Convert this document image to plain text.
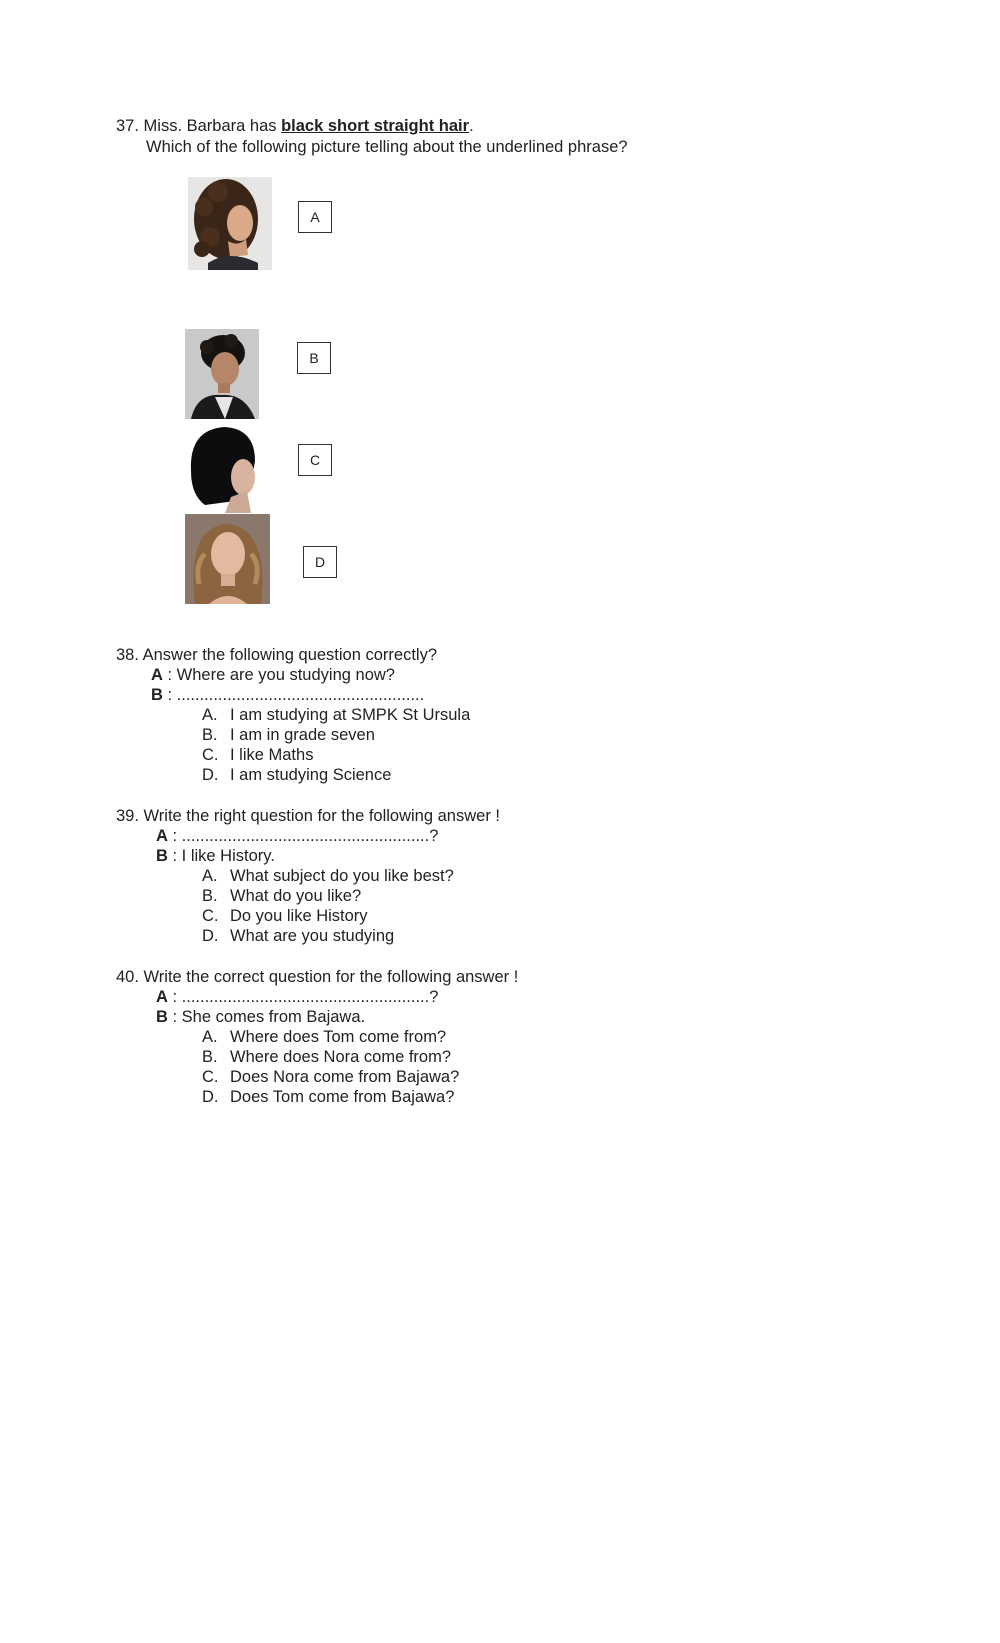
37. Miss. Barbara has black short straight hair.
Which of the following picture telling about the underlined phrase?
A
B
C
D
38. Answer the following question correctly?
A : Where are you studying now?
B : ......................................................
A. I am studying at SMPK St Ursula
B. I am in grade seven
C. I like Maths
D. I am studying Science
39. Write the right question for the following answer !
A : ......................................................?
B : I like History.
A. What subject do you like best?
B. What do you like?
C. Do you like History
D. What are you studying
40. Write the correct question for the following answer !
A : ......................................................?
B : She comes from Bajawa.
A. Where does Tom come from?
B. Where does Nora come from?
C. Does Nora come from Bajawa?
D. Does Tom come from Bajawa?
